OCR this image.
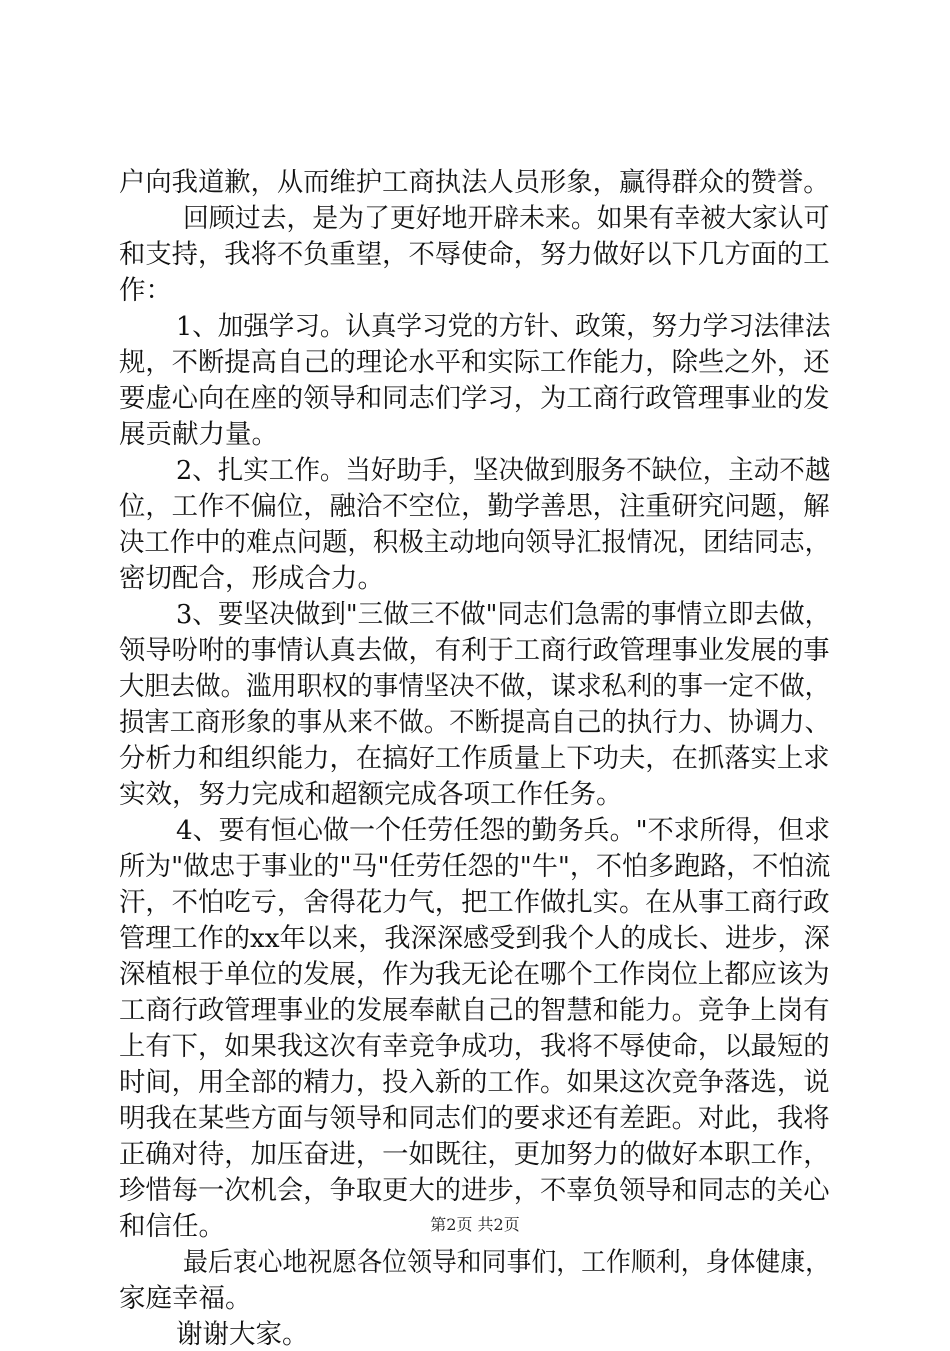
户向我道歉，从而维护工商执法人员形象，赢得群众的赞誉。
回顾过去，是为了更好地开辟未来。如果有幸被大家认可
和支持，我将不负重望，不辱使命，努力做好以下几方面的工
作：
1、加强学习。认真学习党的方针、政策，努力学习法律法
规，不断提高自己的理论水平和实际工作能力，除些之外，还
要虚心向在座的领导和同志们学习，为工商行政管理事业的发
展贡献力量。
2、扎实工作。当好助手，坚决做到服务不缺位，主动不越
位，工作不偏位，融洽不空位，勤学善思，注重研究问题，解
决工作中的难点问题，积极主动地向领导汇报情况，团结同志，
密切配合，形成合力。
3、要坚决做到"三做三不做"同志们急需的事情立即去做，
领导吩咐的事情认真去做，有利于工商行政管理事业发展的事
大胆去做。滥用职权的事情坚决不做，谋求私利的事一定不做，
损害工商形象的事从来不做。不断提高自己的执行力、协调力、
分析力和组织能力，在搞好工作质量上下功夫，在抓落实上求
实效，努力完成和超额完成各项工作任务。
4、要有恒心做一个任劳任怨的勤务兵。"不求所得，但求
所为"做忠于事业的"马"任劳任怨的"牛"，不怕多跑路，不怕流
汗，不怕吃亏，舍得花力气，把工作做扎实。在从事工商行政
管理工作的xx年以来，我深深感受到我个人的成长、进步，深
深植根于单位的发展，作为我无论在哪个工作岗位上都应该为
工商行政管理事业的发展奉献自己的智慧和能力。竞争上岗有
上有下，如果我这次有幸竞争成功，我将不辱使命，以最短的
时间，用全部的精力，投入新的工作。如果这次竞争落选，说
明我在某些方面与领导和同志们的要求还有差距。对此，我将
正确对待，加压奋进，一如既往，更加努力的做好本职工作，
珍惜每一次机会，争取更大的进步，不辜负领导和同志的关心
和信任。
最后衷心地祝愿各位领导和同事们，工作顺利，身体健康，
家庭幸福。
谢谢大家。
第2页 共2页
